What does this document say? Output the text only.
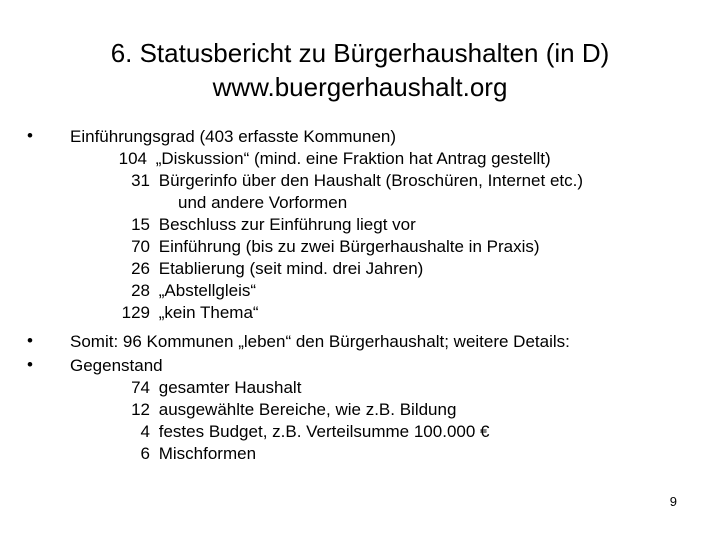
6. Statusbericht zu Bürgerhaushalten (in D)
www.buergerhaushalt.org
• Einführungsgrad (403 erfasste Kommunen)
104 „Diskussion“ (mind. eine Fraktion hat Antrag gestellt)
31 Bürgerinfo über den Haushalt (Broschüren, Internet etc.)
und andere Vorformen
15 Beschluss zur Einführung liegt vor
70 Einführung (bis zu zwei Bürgerhaushalte in Praxis)
26 Etablierung (seit mind. drei Jahren)
28 „Abstellgleis“
129 „kein Thema“
• Somit: 96 Kommunen „leben“ den Bürgerhaushalt; weitere Details:
• Gegenstand
74 gesamter Haushalt
12 ausgewählte Bereiche, wie z.B. Bildung
4 festes Budget, z.B. Verteilsumme 100.000 €
6 Mischformen
9
